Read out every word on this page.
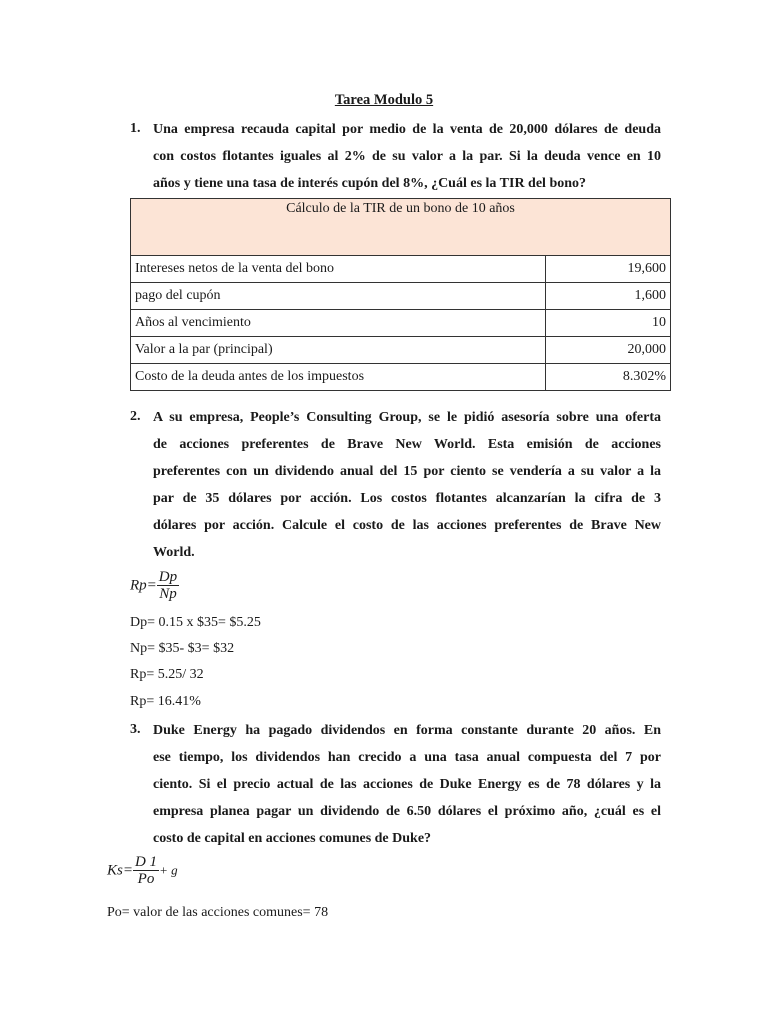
Tarea Modulo 5
1. Una empresa recauda capital por medio de la venta de 20,000 dólares de deuda
con costos flotantes iguales al 2% de su valor a la par. Si la deuda vence en 10
años y tiene una tasa de interés cupón del 8%, ¿Cuál es la TIR del bono?
Cálculo de la TIR de un bono de 10 años	
Intereses netos de la venta del bono	19,600
pago del cupón	1,600
Años al vencimiento	10
Valor a la par (principal)	20,000
Costo de la deuda antes de los impuestos	8.302%
2. A su empresa, People’s Consulting Group, se le pidió asesoría sobre una oferta
de acciones preferentes de Brave New World. Esta emisión de acciones
preferentes con un dividendo anual del 15 por ciento se vendería a su valor a la
par de 35 dólares por acción. Los costos flotantes alcanzarían la cifra de 3
dólares por acción. Calcule el costo de las acciones preferentes de Brave New
World.
$Rp= \frac{Dp}{Np}$
Dp= 0.15 x $35= $5.25
Np= $35- $3= $32
Rp= 5.25/ 32
Rp= 16.41%
3. Duke Energy ha pagado dividendos en forma constante durante 20 años. En
ese tiempo, los dividendos han crecido a una tasa anual compuesta del 7 por
ciento. Si el precio actual de las acciones de Duke Energy es de 78 dólares y la
empresa planea pagar un dividendo de 6.50 dólares el próximo año, ¿cuál es el
costo de capital en acciones comunes de Duke?
$Ks= \frac{D 1}{Po} + g$
Po= valor de las acciones comunes= 78
